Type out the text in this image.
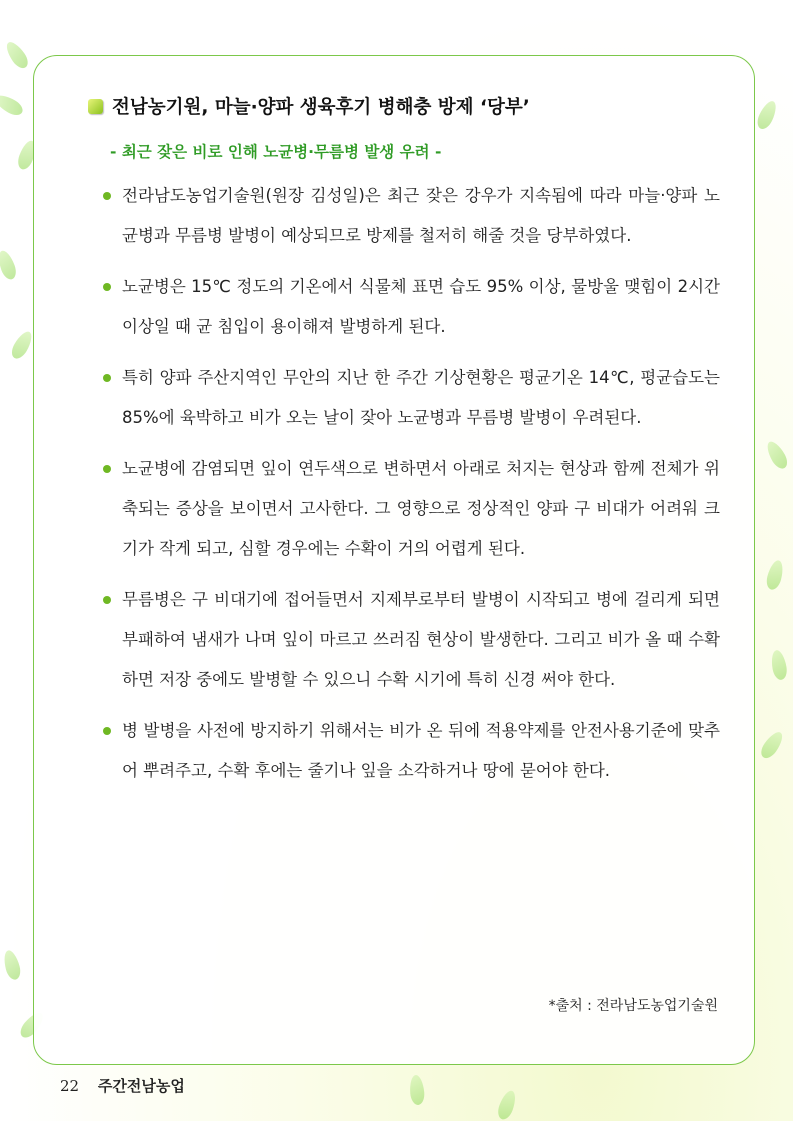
전남농기원, 마늘·양파 생육후기 병해충 방제 ‘당부’
- 최근 잦은 비로 인해 노균병·무름병 발생 우려 -
전라남도농업기술원(원장 김성일)은 최근 잦은 강우가 지속됨에 따라 마늘·양파 노균병과 무름병 발병이 예상되므로 방제를 철저히 해줄 것을 당부하였다.
노균병은 15℃ 정도의 기온에서 식물체 표면 습도 95% 이상, 물방울 맺힘이 2시간 이상일 때 균 침입이 용이해져 발병하게 된다.
특히 양파 주산지역인 무안의 지난 한 주간 기상현황은 평균기온 14℃, 평균습도는 85%에 육박하고 비가 오는 날이 잦아 노균병과 무름병 발병이 우려된다.
노균병에 감염되면 잎이 연두색으로 변하면서 아래로 처지는 현상과 함께 전체가 위축되는 증상을 보이면서 고사한다. 그 영향으로 정상적인 양파 구 비대가 어려워 크기가 작게 되고, 심할 경우에는 수확이 거의 어렵게 된다.
무름병은 구 비대기에 접어들면서 지제부로부터 발병이 시작되고 병에 걸리게 되면 부패하여 냄새가 나며 잎이 마르고 쓰러짐 현상이 발생한다. 그리고 비가 올 때 수확하면 저장 중에도 발병할 수 있으니 수확 시기에 특히 신경 써야 한다.
병 발병을 사전에 방지하기 위해서는 비가 온 뒤에 적용약제를 안전사용기준에 맞추어 뿌려주고, 수확 후에는 줄기나 잎을 소각하거나 땅에 묻어야 한다.
*출처 : 전라남도농업기술원
22 주간전남농업
